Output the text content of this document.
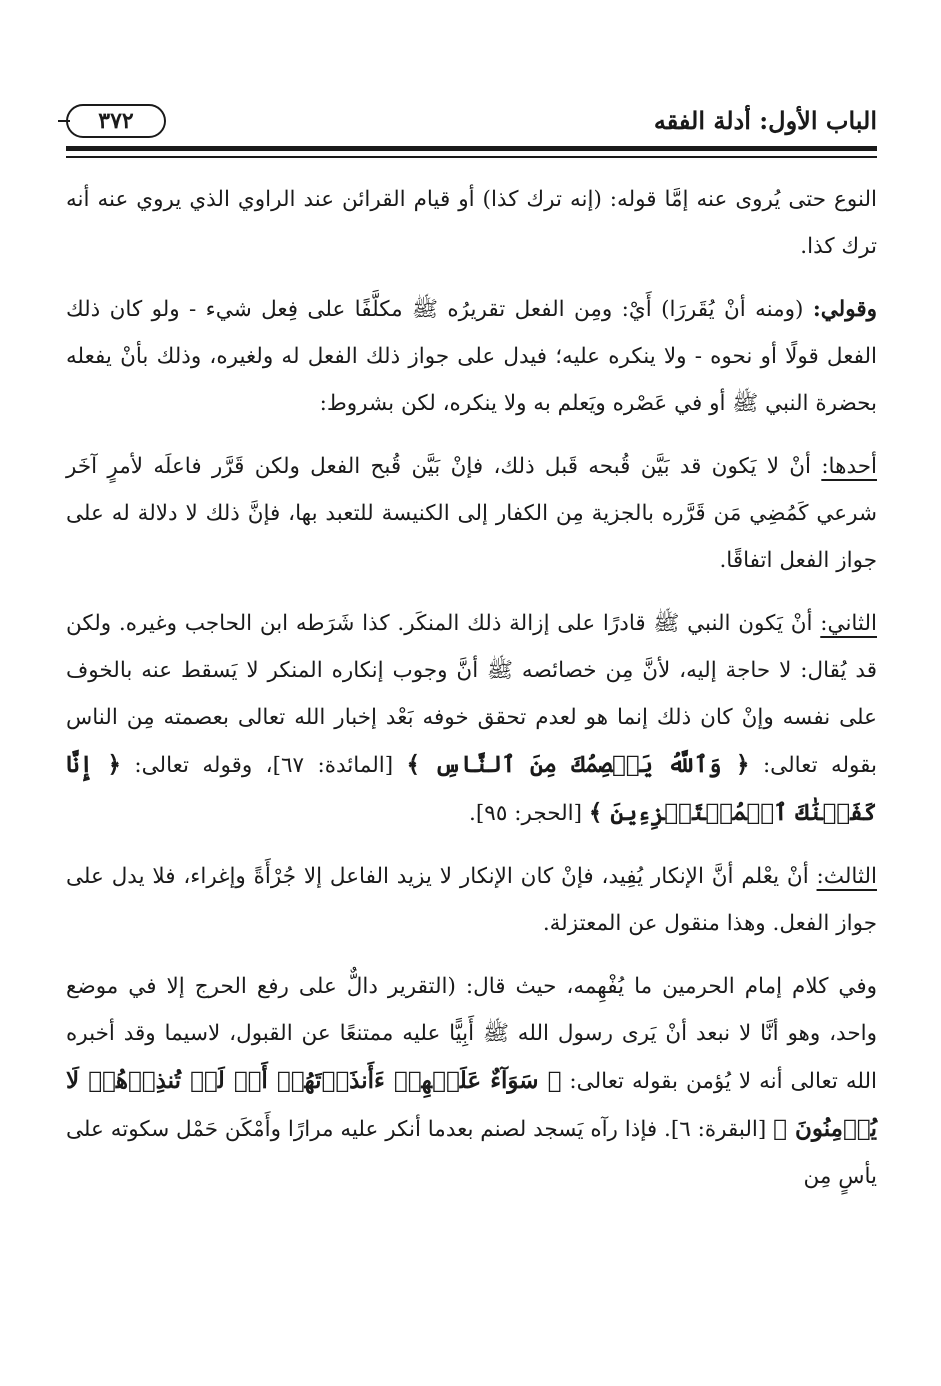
٣٧٢	الباب الأول: أدلة الفقه

النوع حتى يُروى عنه إمَّا قوله: (إنه ترك كذا) أو قيام القرائن عند الراوي الذي يروي عنه أنه ترك كذا.

وقولي: (ومنه أنْ يُقَررَا) أَيْ: ومِن الفعل تقريرُه ﷺ مكلَّفًا على فِعل شيء - ولو كان ذلك الفعل قولًا أو نحوه - ولا ينكره عليه؛ فيدل على جواز ذلك الفعل له ولغيره، وذلك بأنْ يفعله بحضرة النبي ﷺ أو في عَصْره ويَعلم به ولا ينكره، لكن بشروط:

أحدها: أنْ لا يَكون قد بَيَّن قُبحه قَبل ذلك، فإنْ بَيَّن قُبح الفعل ولكن قَرَّر فاعلَه لأمرٍ آخَر شرعي كَمُضِي مَن قَرَّره بالجزية مِن الكفار إلى الكنيسة للتعبد بها، فإنَّ ذلك لا دلالة له على جواز الفعل اتفاقًا.

الثاني: أنْ يَكون النبي ﷺ قادرًا على إزالة ذلك المنكَر. كذا شَرَطه ابن الحاجب وغيره. ولكن قد يُقال: لا حاجة إليه، لأنَّ مِن خصائصه ﷺ أنَّ وجوب إنكاره المنكر لا يَسقط عنه بالخوف على نفسه وإنْ كان ذلك إنما هو لعدم تحقق خوفه بَعْد إخبار الله تعالى بعصمته مِن الناس بقوله تعالى: ﴿ وَٱللَّهُ يَعۡصِمُكَ مِنَ ٱلنَّاسِ ﴾ [المائدة: ٦٧]، وقوله تعالى: ﴿ إِنَّا كَفَيۡنَٰكَ ٱلۡمُسۡتَهۡزِءِينَ ﴾ [الحجر: ٩٥].

الثالث: أنْ يعْلم أنَّ الإنكار يُفِيد، فإنْ كان الإنكار لا يزيد الفاعل إلا جُرْأَةً وإغراء، فلا يدل على جواز الفعل. وهذا منقول عن المعتزلة.

وفي كلام إمام الحرمين ما يُفْهِمه، حيث قال: (التقرير دالٌّ على رفع الحرج إلا في موضع واحد، وهو أنَّا لا نبعد أنْ يَرى رسول الله ﷺ أَبِيًّا عليه ممتنعًا عن القبول، لاسيما وقد أخبره الله تعالى أنه لا يُؤمن بقوله تعالى: ﴿ سَوَآءٌ عَلَيۡهِمۡ ءَأَنذَرۡتَهُمۡ أَمۡ لَمۡ تُنذِرۡهُمۡ لَا يُؤۡمِنُونَ ﴾ [البقرة: ٦]. فإذا رآه يَسجد لصنم بعدما أنكر عليه مرارًا وأَمْكَن حَمْل سكوته على يأسٍ مِن
